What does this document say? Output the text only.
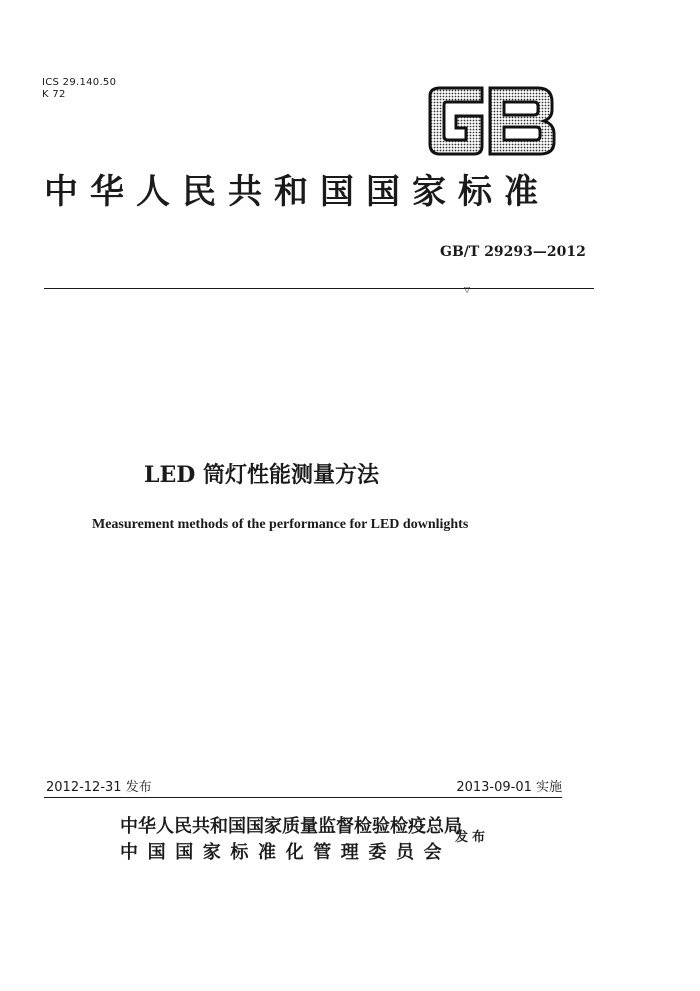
ICS 29.140.50
K 72
中华人民共和国国家标准
GB/T 29293—2012
▽
LED 筒灯性能测量方法
Measurement methods of the performance for LED downlights
2012-12-31 发布	2013-09-01 实施
中华人民共和国国家质量监督检验检疫总局
中国国家标准化管理委员会
发布
